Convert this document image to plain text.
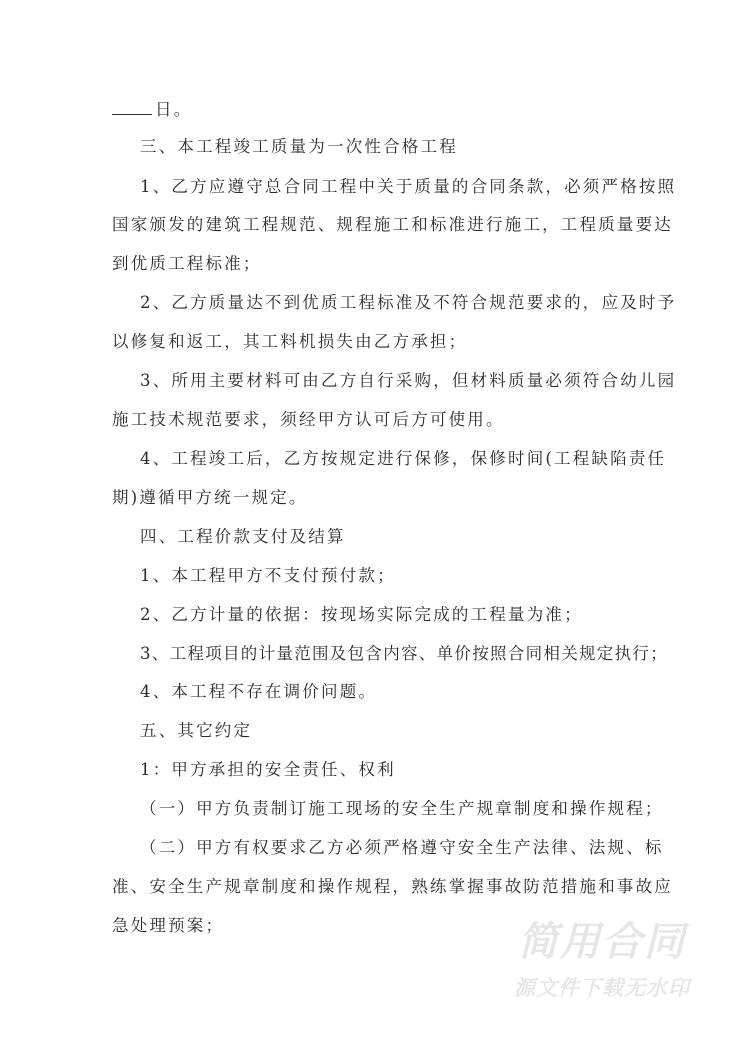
日。
三、本工程竣工质量为一次性合格工程
1、乙方应遵守总合同工程中关于质量的合同条款，必须严格按照
国家颁发的建筑工程规范、规程施工和标准进行施工，工程质量要达
到优质工程标准；
2、乙方质量达不到优质工程标准及不符合规范要求的，应及时予
以修复和返工，其工料机损失由乙方承担；
3、所用主要材料可由乙方自行采购，但材料质量必须符合幼儿园
施工技术规范要求，须经甲方认可后方可使用。
4、工程竣工后，乙方按规定进行保修，保修时间(工程缺陷责任
期)遵循甲方统一规定。
四、工程价款支付及结算
1、本工程甲方不支付预付款；
2、乙方计量的依据：按现场实际完成的工程量为准；
3、工程项目的计量范围及包含内容、单价按照合同相关规定执行；
4、本工程不存在调价问题。
五、其它约定
1：甲方承担的安全责任、权利
（一）甲方负责制订施工现场的安全生产规章制度和操作规程；
（二）甲方有权要求乙方必须严格遵守安全生产法律、法规、标
准、安全生产规章制度和操作规程，熟练掌握事故防范措施和事故应
急处理预案；	简用合同
源文件下载无水印
